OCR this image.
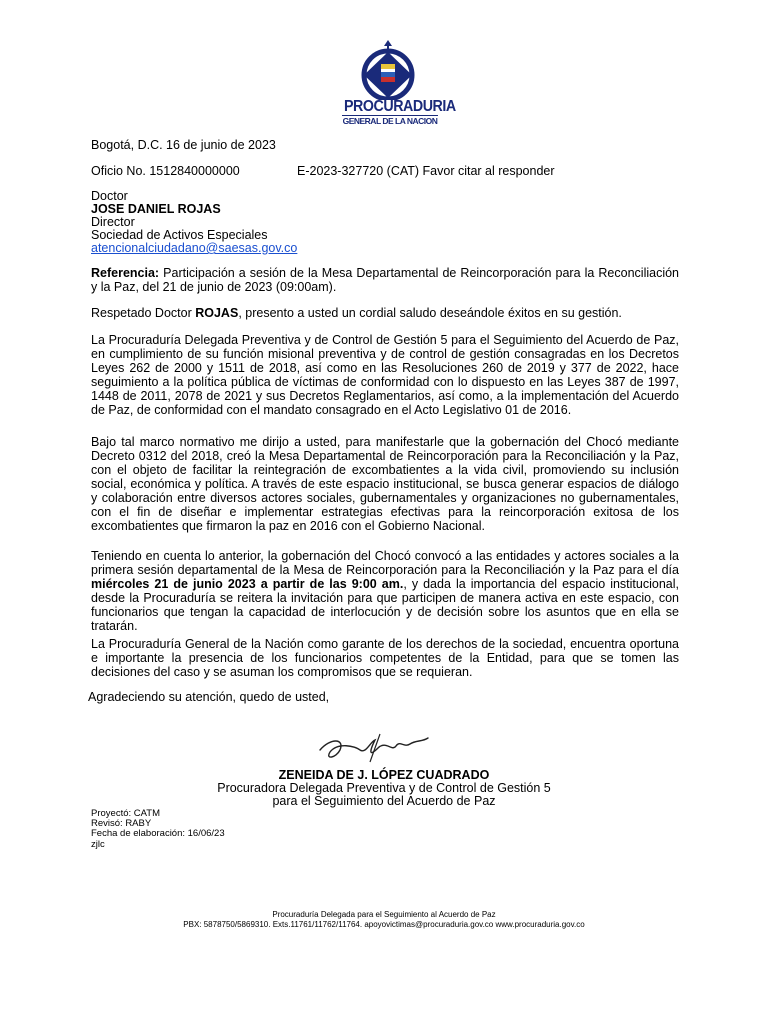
PROCURADURIA
GENERAL DE LA NACION
Bogotá, D.C. 16 de junio de 2023
Oficio No. 1512840000000	E-2023-327720 (CAT) Favor citar al responder
Doctor
JOSE DANIEL ROJAS
Director
Sociedad de Activos Especiales
atencionalciudadano@saesas.gov.co
Referencia: Participación a sesión de la Mesa Departamental de Reincorporación para la Reconciliación y la Paz, del 21 de junio de 2023 (09:00am).
Respetado Doctor ROJAS, presento a usted un cordial saludo deseándole éxitos en su gestión.
La Procuraduría Delegada Preventiva y de Control de Gestión 5 para el Seguimiento del Acuerdo de Paz, en cumplimiento de su función misional preventiva y de control de gestión consagradas en los Decretos Leyes 262 de 2000 y 1511 de 2018, así como en las Resoluciones 260 de 2019 y 377 de 2022, hace seguimiento a la política pública de víctimas de conformidad con lo dispuesto en las Leyes 387 de 1997, 1448 de 2011, 2078 de 2021 y sus Decretos Reglamentarios, así como, a la implementación del Acuerdo de Paz, de conformidad con el mandato consagrado en el Acto Legislativo 01 de 2016.
Bajo tal marco normativo me dirijo a usted, para manifestarle que la gobernación del Chocó mediante Decreto 0312 del 2018, creó la Mesa Departamental de Reincorporación para la Reconciliación y la Paz, con el objeto de facilitar la reintegración de excombatientes a la vida civil, promoviendo su inclusión social, económica y política. A través de este espacio institucional, se busca generar espacios de diálogo y colaboración entre diversos actores sociales, gubernamentales y organizaciones no gubernamentales, con el fin de diseñar e implementar estrategias efectivas para la reincorporación exitosa de los excombatientes que firmaron la paz en 2016 con el Gobierno Nacional.
Teniendo en cuenta lo anterior, la gobernación del Chocó convocó a las entidades y actores sociales a la primera sesión departamental de la Mesa de Reincorporación para la Reconciliación y la Paz para el día miércoles 21 de junio 2023 a partir de las 9:00 am., y dada la importancia del espacio institucional, desde la Procuraduría se reitera la invitación para que participen de manera activa en este espacio, con funcionarios que tengan la capacidad de interlocución y de decisión sobre los asuntos que en ella se tratarán.
La Procuraduría General de la Nación como garante de los derechos de la sociedad, encuentra oportuna e importante la presencia de los funcionarios competentes de la Entidad, para que se tomen las decisiones del caso y se asuman los compromisos que se requieran.
Agradeciendo su atención, quedo de usted,
ZENEIDA DE J. LÓPEZ CUADRADO
Procuradora Delegada Preventiva y de Control de Gestión 5
para el Seguimiento del Acuerdo de Paz
Proyectó: CATM
Revisó: RABY
Fecha de elaboración: 16/06/23
zjlc
Procuraduría Delegada para el Seguimiento al Acuerdo de Paz
PBX: 5878750/5869310. Exts.11761/11762/11764. apoyovictimas@procuraduria.gov.co www.procuraduria.gov.co
